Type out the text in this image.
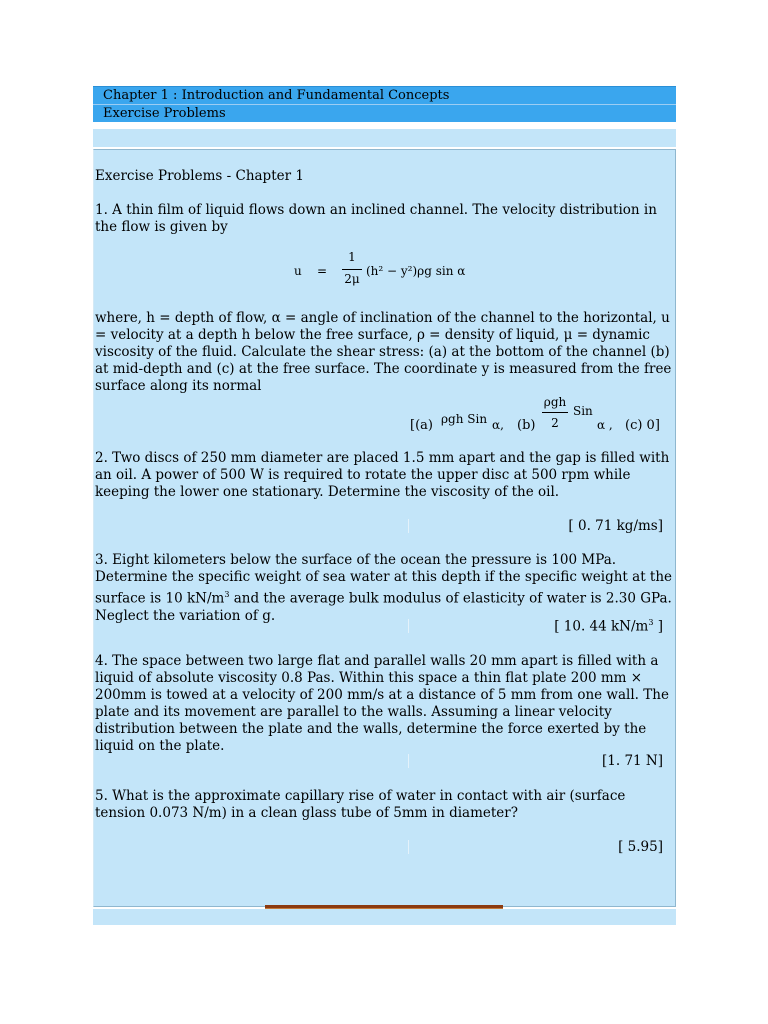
Chapter 1 : Introduction and Fundamental Concepts
Exercise Problems

Exercise Problems - Chapter 1

1. A thin film of liquid flows down an inclined channel. The velocity distribution in the flow is given by

u =
1
2μ
(h² − y²)ρg sin α

where, h = depth of flow, α = angle of inclination of the channel to the horizontal, u = velocity at a depth h below the free surface, ρ = density of liquid, μ = dynamic viscosity of the fluid. Calculate the shear stress: (a) at the bottom of the channel (b) at mid-depth and (c) at the free surface. The coordinate y is measured from the free surface along its normal

[(a) ρgh Sin α, (b)
ρgh
2
Sin
α , (c) 0]

2. Two discs of 250 mm diameter are placed 1.5 mm apart and the gap is filled with an oil. A power of 500 W is required to rotate the upper disc at 500 rpm while keeping the lower one stationary. Determine the viscosity of the oil.

[ 0. 71 kg/ms]

3. Eight kilometers below the surface of the ocean the pressure is 100 MPa. Determine the specific weight of sea water at this depth if the specific weight at the surface is 10 $kN/m^3$ and the average bulk modulus of elasticity of water is 2.30 GPa. Neglect the variation of g.

[ 10. 44 $kN/m^3$ ]

4. The space between two large flat and parallel walls 20 mm apart is filled with a liquid of absolute viscosity 0.8 Pas. Within this space a thin flat plate 200 mm × 200mm is towed at a velocity of 200 mm/s at a distance of 5 mm from one wall. The plate and its movement are parallel to the walls. Assuming a linear velocity distribution between the plate and the walls, determine the force exerted by the liquid on the plate.

[1. 71 N]

5. What is the approximate capillary rise of water in contact with air (surface tension 0.073 N/m) in a clean glass tube of 5mm in diameter?

[ 5.95]
